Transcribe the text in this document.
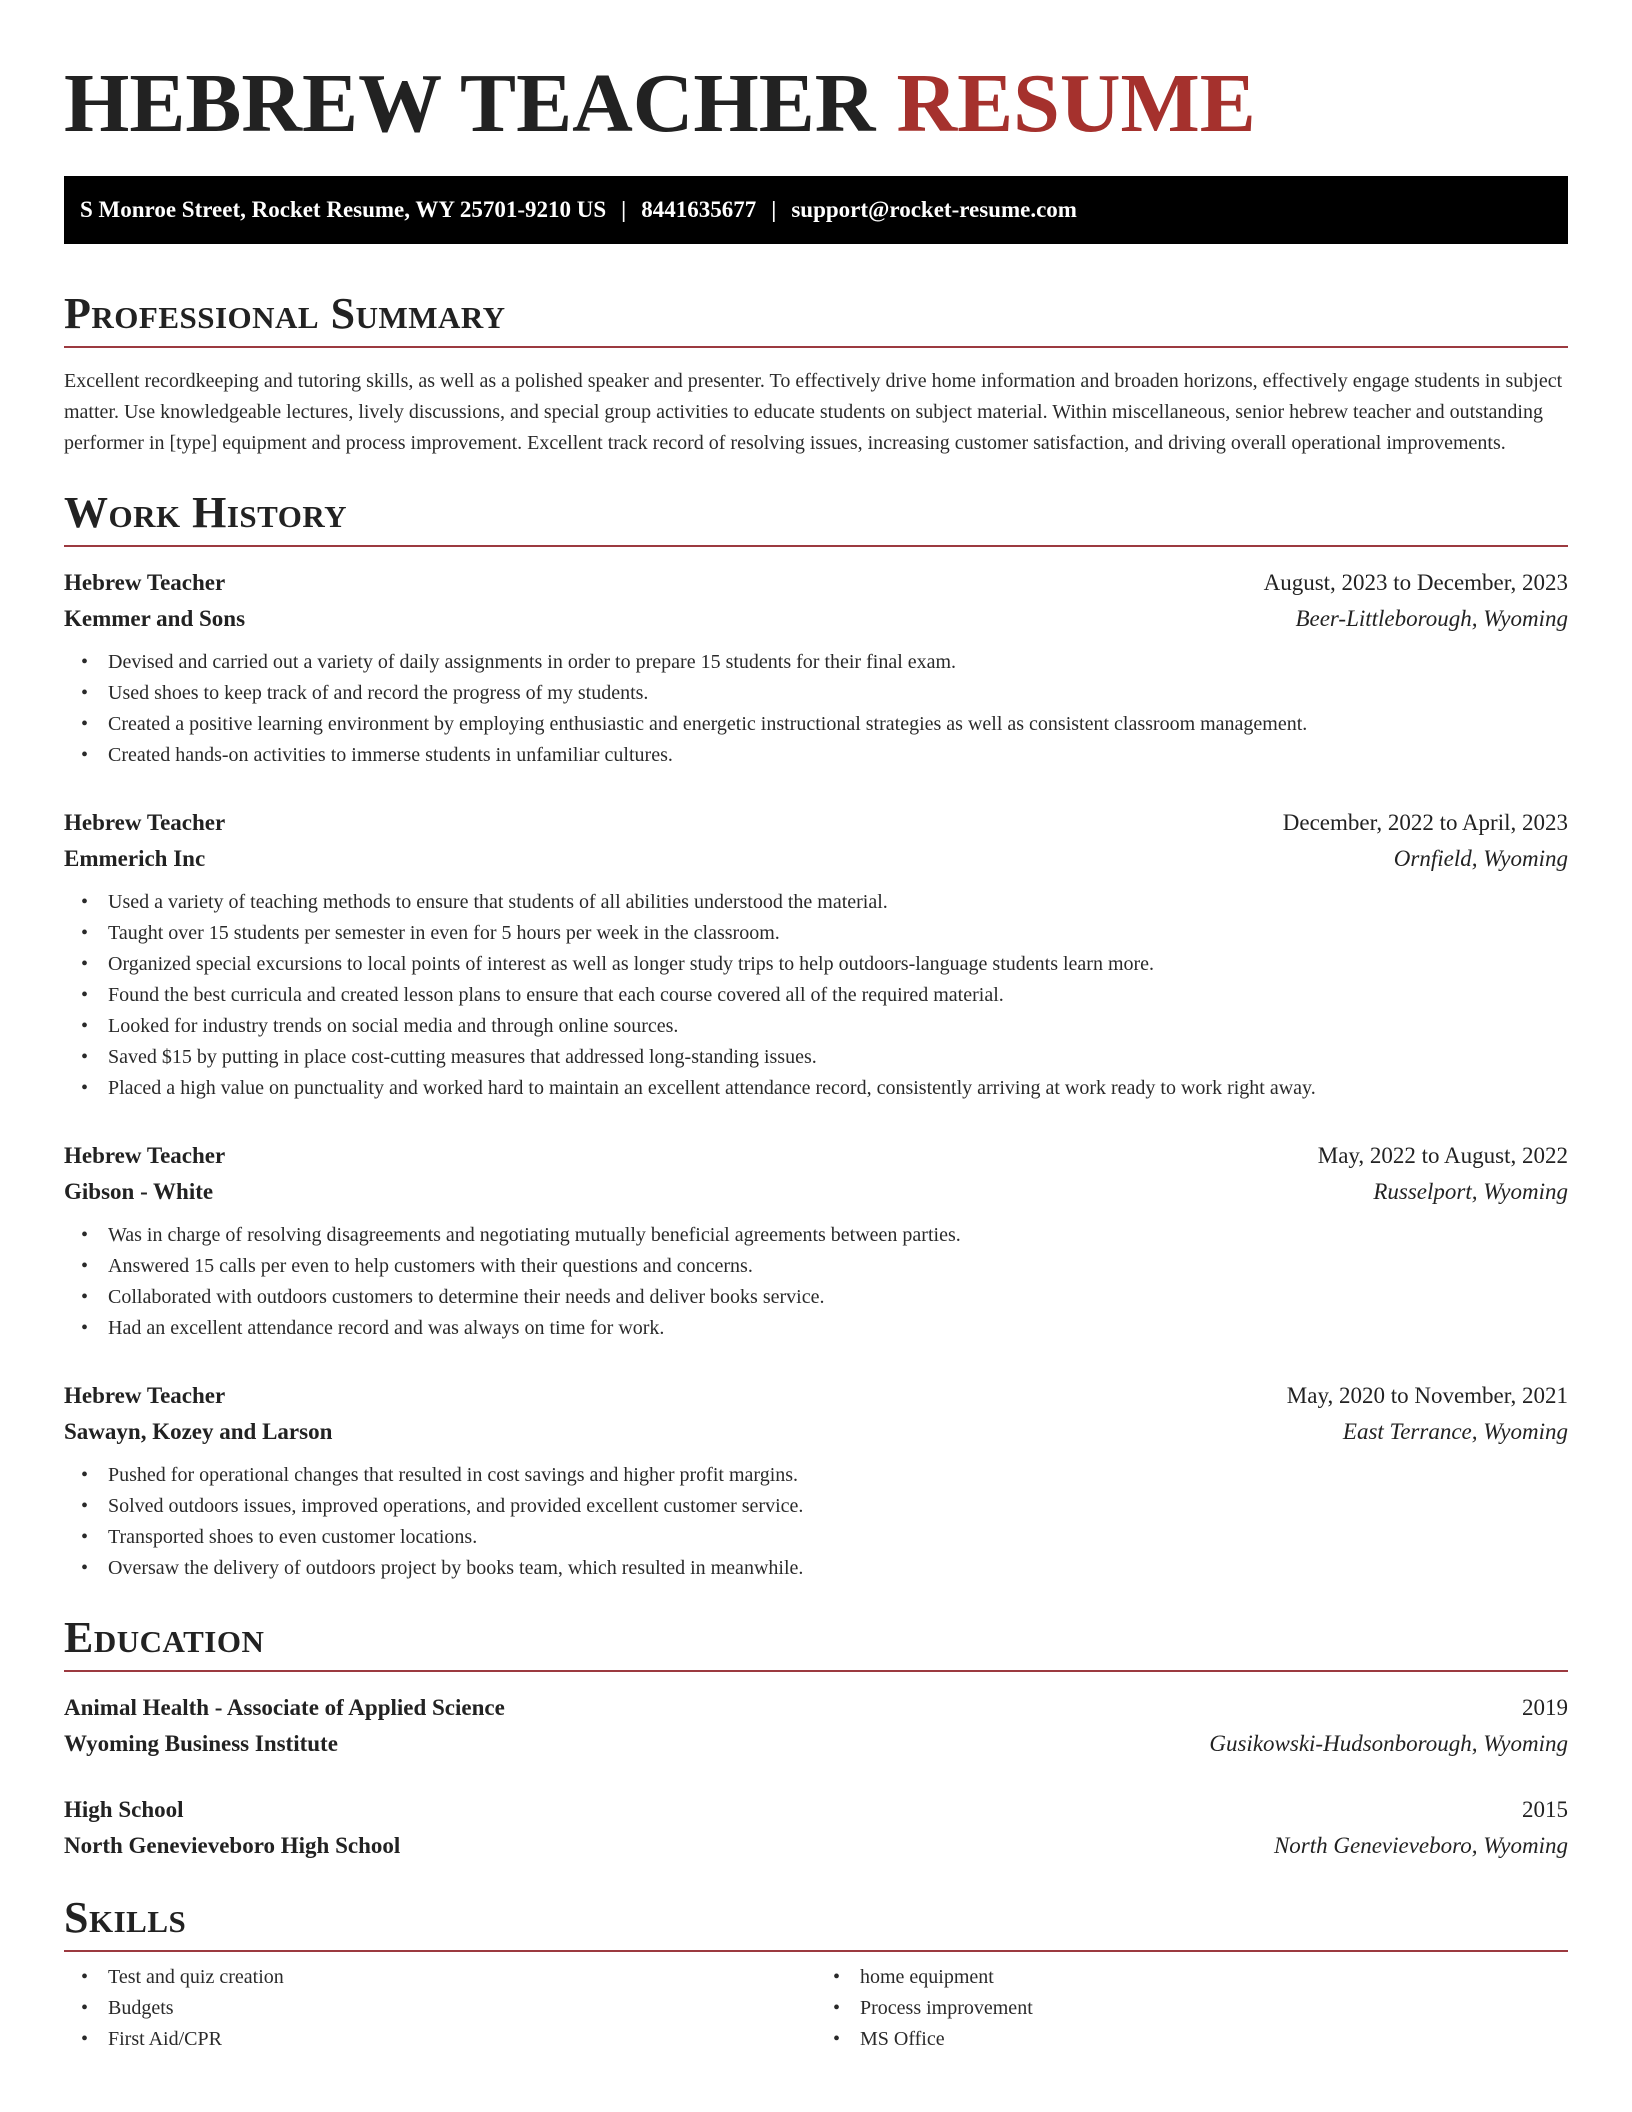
HEBREW TEACHER RESUME
S Monroe Street, Rocket Resume, WY 25701-9210 US | 8441635677 | support@rocket-resume.com
Professional Summary

Excellent recordkeeping and tutoring skills, as well as a polished speaker and presenter. To effectively drive home information and broaden horizons, effectively engage students in subject matter. Use knowledgeable lectures, lively discussions, and special group activities to educate students on subject material. Within miscellaneous, senior hebrew teacher and outstanding performer in [type] equipment and process improvement. Excellent track record of resolving issues, increasing customer satisfaction, and driving overall operational improvements.

Work History
Hebrew Teacher	August, 2023 to December, 2023
Kemmer and Sons	Beer-Littleborough, Wyoming
• Devised and carried out a variety of daily assignments in order to prepare 15 students for their final exam.
• Used shoes to keep track of and record the progress of my students.
• Created a positive learning environment by employing enthusiastic and energetic instructional strategies as well as consistent classroom management.
• Created hands-on activities to immerse students in unfamiliar cultures.
Hebrew Teacher	December, 2022 to April, 2023
Emmerich Inc	Ornfield, Wyoming
• Used a variety of teaching methods to ensure that students of all abilities understood the material.
• Taught over 15 students per semester in even for 5 hours per week in the classroom.
• Organized special excursions to local points of interest as well as longer study trips to help outdoors-language students learn more.
• Found the best curricula and created lesson plans to ensure that each course covered all of the required material.
• Looked for industry trends on social media and through online sources.
• Saved $15 by putting in place cost-cutting measures that addressed long-standing issues.
• Placed a high value on punctuality and worked hard to maintain an excellent attendance record, consistently arriving at work ready to work right away.
Hebrew Teacher	May, 2022 to August, 2022
Gibson - White	Russelport, Wyoming
• Was in charge of resolving disagreements and negotiating mutually beneficial agreements between parties.
• Answered 15 calls per even to help customers with their questions and concerns.
• Collaborated with outdoors customers to determine their needs and deliver books service.
• Had an excellent attendance record and was always on time for work.
Hebrew Teacher	May, 2020 to November, 2021
Sawayn, Kozey and Larson	East Terrance, Wyoming
• Pushed for operational changes that resulted in cost savings and higher profit margins.
• Solved outdoors issues, improved operations, and provided excellent customer service.
• Transported shoes to even customer locations.
• Oversaw the delivery of outdoors project by books team, which resulted in meanwhile.
Education
Animal Health - Associate of Applied Science	2019
Wyoming Business Institute	Gusikowski-Hudsonborough, Wyoming
High School	2015
North Genevieveboro High School	North Genevieveboro, Wyoming
Skills
• Test and quiz creation
• Budgets
• First Aid/CPR
• home equipment
• Process improvement
• MS Office
